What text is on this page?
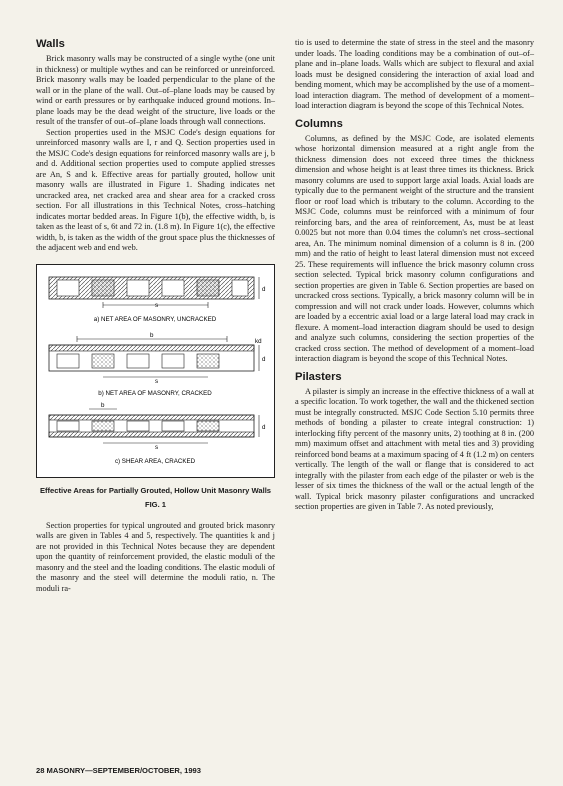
Walls

Brick masonry walls may be constructed of a single wythe (one unit in thickness) or multiple wythes and can be reinforced or unreinforced. Brick masonry walls may be loaded perpendicular to the plane of the wall or in the plane of the wall. Out–of–plane loads may be caused by wind or earth pressures or by earthquake induced ground motions. In–plane loads may be the dead weight of the structure, live loads or the result of the transfer of out–of–plane loads through wall connections.

Section properties used in the MSJC Code's design equations for unreinforced masonry walls are I, r and Q. Section properties used in the MSJC Code's design equations for reinforced masonry walls are j, b and d. Additional section properties used to compute applied stresses are An, S and k. Effective areas for partially grouted, hollow unit masonry walls are illustrated in Figure 1. Shading indicates net uncracked area, net cracked area and shear area for a cracked cross section. For all illustrations in this Technical Notes, cross–hatching indicates mortar bedded areas. In Figure 1(b), the effective width, b, is taken as the least of s, 6t and 72 in. (1.8 m). In Figure 1(c), the effective width, b, is taken as the width of the grout space plus the thicknesses of the adjacent web and end web.

s
d
a) NET AREA OF MASONRY, UNCRACKED
b
kd
d
s
b) NET AREA OF MASONRY, CRACKED
b
d
s
c) SHEAR AREA, CRACKED
Effective Areas for Partially Grouted, Hollow Unit Masonry Walls
FIG. 1

Section properties for typical ungrouted and grouted brick masonry walls are given in Tables 4 and 5, respectively. The quantities k and j are not provided in this Technical Notes because they are dependent upon the quantity of reinforcement provided, the elastic moduli of the masonry and the steel and the loading conditions. The elastic moduli of the masonry and the steel will determine the moduli ratio, n. The moduli ra-

tio is used to determine the state of stress in the steel and the masonry under loads. The loading conditions may be a combination of out–of–plane and in–plane loads. Walls which are subject to flexural and axial loads must be designed considering the interaction of axial load and bending moment, which may be accomplished by the use of a moment–load interaction diagram. The method of development of a moment–load interaction diagram is beyond the scope of this Technical Notes.

Columns

Columns, as defined by the MSJC Code, are isolated elements whose horizontal dimension measured at a right angle from the thickness dimension does not exceed three times the thickness dimension and whose height is at least three times its thickness. Brick masonry columns are used to support large axial loads. Axial loads are typically due to the permanent weight of the structure and the transient floor or roof load which is tributary to the column. According to the MSJC Code, columns must be reinforced with a minimum of four reinforcing bars, and the area of reinforcement, As, must be at least 0.0025 but not more than 0.04 times the column's net cross–sectional area, An. The minimum nominal dimension of a column is 8 in. (200 mm) and the ratio of height to least lateral dimension must not exceed 25. These requirements will influence the brick masonry column cross section selected. Typical brick masonry column configurations and section properties are given in Table 6. Section properties are based on uncracked cross sections. Typically, a brick masonry column will be in compression and will not crack under loads. However, columns which are loaded by a eccentric axial load or a large lateral load may crack in flexure. A moment–load interaction diagram should be used to design and analyze such columns, considering the section properties of the cracked cross section. The method of development of a moment–load interaction diagram is beyond the scope of this Technical Notes.

Pilasters

A pilaster is simply an increase in the effective thickness of a wall at a specific location. To work together, the wall and the thickened section must be integrally constructed. MSJC Code Section 5.10 permits three methods of bonding a pilaster to create integral construction: 1) interlocking fifty percent of the masonry units, 2) toothing at 8 in. (200 mm) maximum offset and attachment with metal ties and 3) providing reinforced bond beams at a maximum spacing of 4 ft (1.2 m) on centers vertically. The length of the wall or flange that is considered to act integrally with the pilaster from each edge of the pilaster or web is the lesser of six times the thickness of the wall or the actual length of the wall. Typical brick masonry pilaster configurations and uncracked section properties are given in Table 7. As noted previously,

28 MASONRY—SEPTEMBER/OCTOBER, 1993
